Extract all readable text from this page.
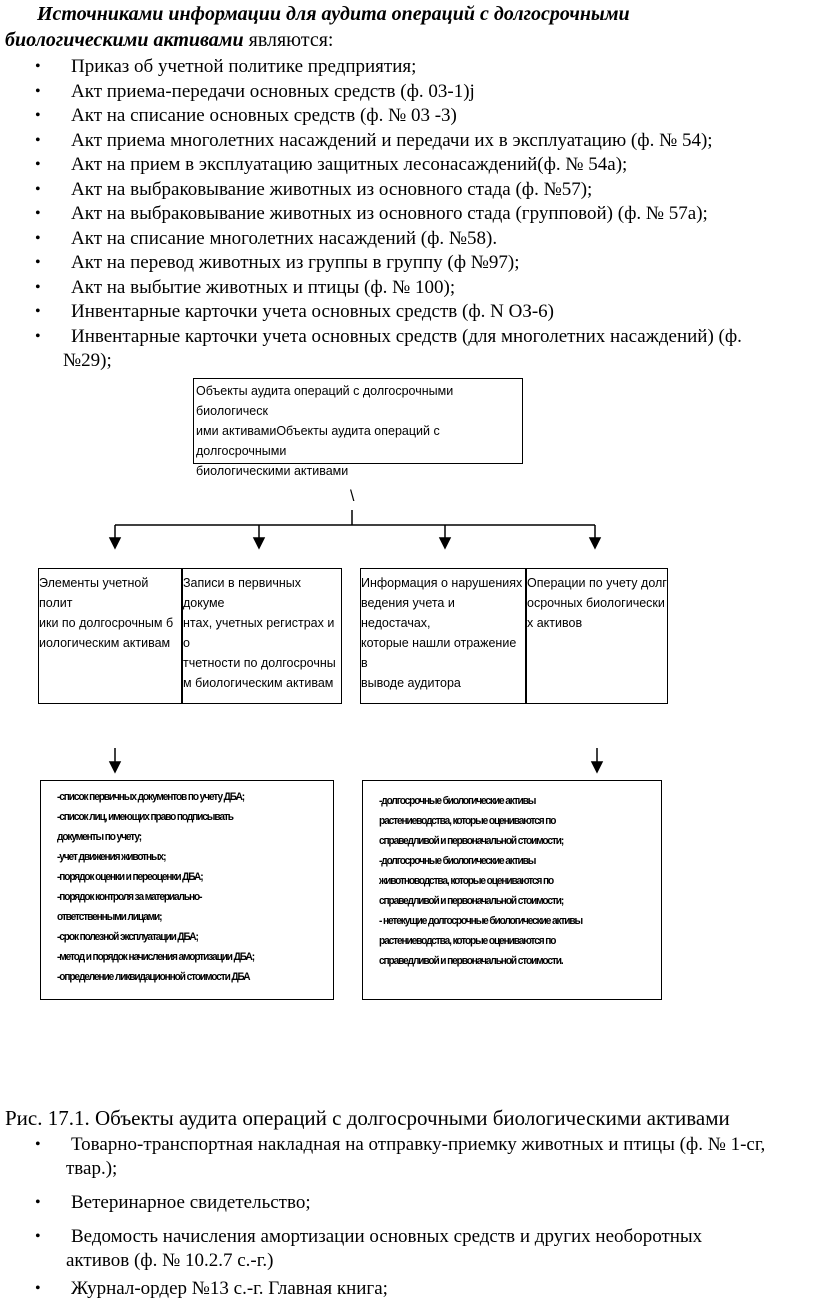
Источниками информации для аудита операций с долгосрочными
биологическими активами являются:
• Приказ об учетной политике предприятия;
• Акт приема-передачи основных средств (ф. 03-1)j
• Акт на списание основных средств (ф. № 03 -3)
• Акт приема многолетних насаждений и передачи их в эксплуатацию (ф. № 54);
• Акт на прием в эксплуатацию защитных лесонасаждений(ф. № 54а);
• Акт на выбраковывание животных из основного стада (ф. №57);
• Акт на выбраковывание животных из основного стада (групповой) (ф. № 57а);
• Акт на списание многолетних насаждений (ф. №58).
• Акт на перевод животных из группы в группу (ф №97);
• Акт на выбытие животных и птицы (ф. № 100);
• Инвентарные карточки учета основных средств (ф. N ОЗ-6)
• Инвентарные карточки учета основных средств (для многолетних насаждений) (ф.
№29);
Объекты аудита операций с долгосрочными биологическ
ими активамиОбъекты аудита операций с долгосрочными
биологическими активами
\
Элементы учетной полит
ики по долгосрочным б
иологическим активам
Записи в первичных докуме
нтах, учетных регистрах и о
тчетности по долгосрочны
м биологическим активам
Информация о нарушениях
ведения учета и недостачах,
которые нашли отражение в
выводе аудитора
Операции по учету долг
осрочных биологически
х активов
-список первичных документов по учету ДБА;
-список лиц, имеющих право подписывать
документы по учету;
-учет движения животных;
-порядок оценки и переоценки ДБА;
-порядок контроля за материально-
ответственными лицами;
-срок полезной эксплуатации ДБА;
-метод и порядок начисления амортизации ДБА;
-определение ликвидационной стоимости ДБА
-долгосрочные биологические активы
растениеводства, которые оцениваются по
справедливой и первоначальной стоимости;
-долгосрочные биологические активы
животноводства, которые оцениваются по
справедливой и первоначальной стоимости;
- нетекущие долгосрочные биологические активы
растениеводства, которые оцениваются по
справедливой и первоначальной стоимости.
Рис. 17.1. Объекты аудита операций с долгосрочными биологическими активами
• Товарно-транспортная накладная на отправку-приемку животных и птицы (ф. № 1-сг,
твар.);
• Ветеринарное свидетельство;
• Ведомость начисления амортизации основных средств и других необоротных
активов (ф. № 10.2.7 с.-г.)
• Журнал-ордер №13 с.-г. Главная книга;
